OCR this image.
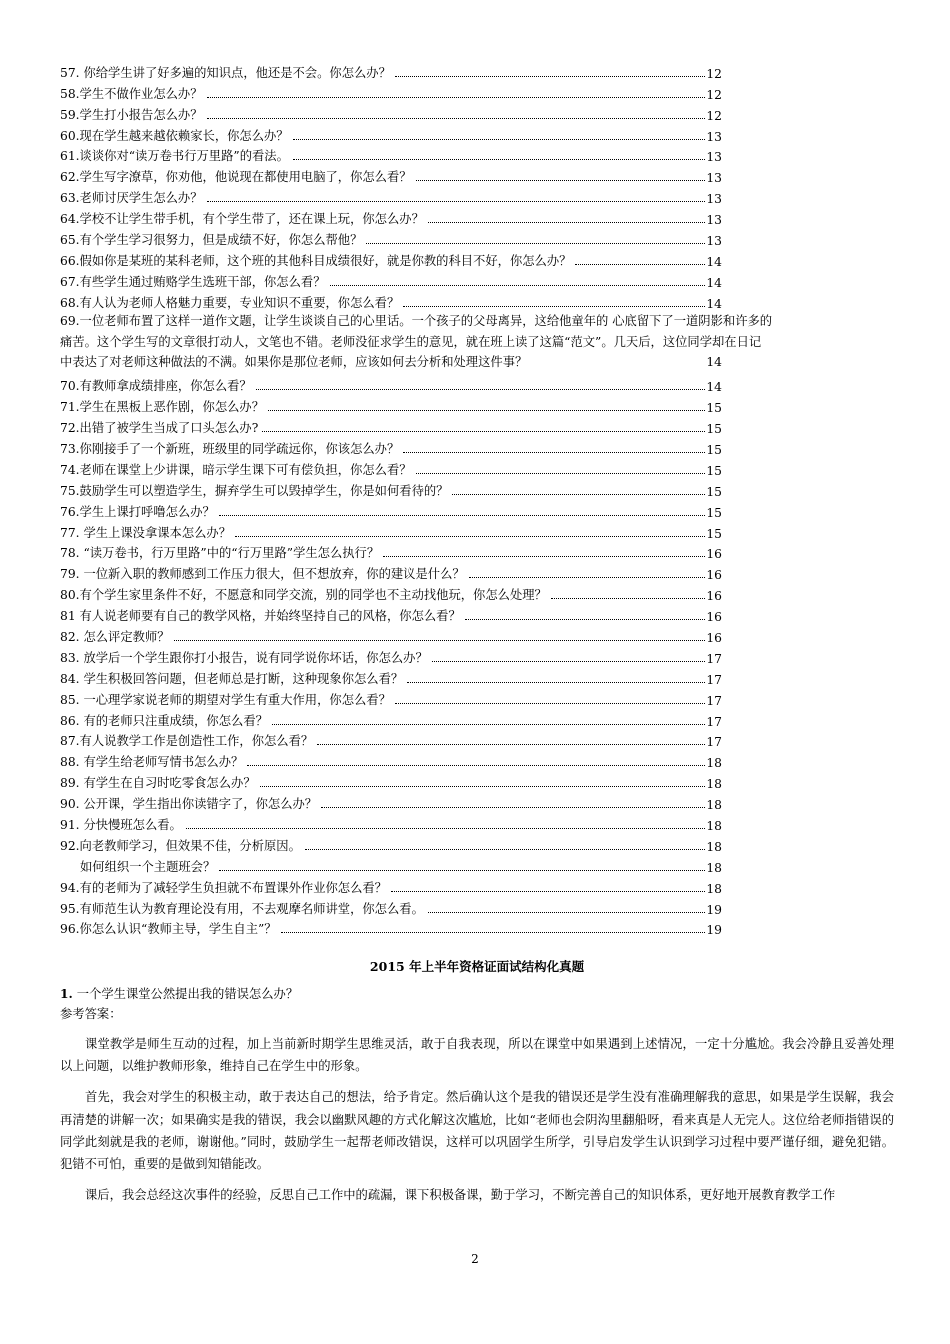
57. 你给学生讲了好多遍的知识点，他还是不会。你怎么办？	12
58.学生不做作业怎么办？	12
59.学生打小报告怎么办？	12
60.现在学生越来越依赖家长，你怎么办？	13
61.谈谈你对“读万卷书行万里路”的看法。	13
62.学生写字潦草，你劝他，他说现在都使用电脑了，你怎么看？	13
63.老师讨厌学生怎么办？	13
64.学校不让学生带手机，有个学生带了，还在课上玩，你怎么办？	13
65.有个学生学习很努力，但是成绩不好，你怎么帮他？	13
66.假如你是某班的某科老师，这个班的其他科目成绩很好，就是你教的科目不好，你怎么办？	14
67.有些学生通过贿赂学生选班干部，你怎么看？	14
68.有人认为老师人格魅力重要，专业知识不重要，你怎么看？	14
69.一位老师布置了这样一道作文题，让学生谈谈自己的心里话。一个孩子的父母离异，这给他童年的 心底留下了一道阴影和许多的
痛苦。这个学生写的文章很打动人，文笔也不错。老师没征求学生的意见，就在班上读了这篇“范文”。几天后，这位同学却在日记
中表达了对老师这种做法的不满。如果你是那位老师，应该如何去分析和处理这件事？	14
70.有教师拿成绩排座，你怎么看？	14
71.学生在黑板上恶作剧，你怎么办？	15
72.出错了被学生当成了口头怎么办?	15
73.你刚接手了一个新班，班级里的同学疏远你，你该怎么办？	15
74.老师在课堂上少讲课，暗示学生课下可有偿负担，你怎么看？	15
75.鼓励学生可以塑造学生，摒弃学生可以毁掉学生，你是如何看待的？	15
76.学生上课打呼噜怎么办？	15
77. 学生上课没拿课本怎么办？	15
78. “读万卷书，行万里路”中的“行万里路”学生怎么执行？	16
79. 一位新入职的教师感到工作压力很大，但不想放弃，你的建议是什么？	16
80.有个学生家里条件不好，不愿意和同学交流，别的同学也不主动找他玩，你怎么处理？	16
81 有人说老师要有自己的教学风格，并始终坚持自己的风格，你怎么看？	16
82. 怎么评定教师？	16
83. 放学后一个学生跟你打小报告，说有同学说你坏话，你怎么办？	17
84. 学生积极回答问题，但老师总是打断，这种现象你怎么看？	17
85. 一心理学家说老师的期望对学生有重大作用，你怎么看？	17
86. 有的老师只注重成绩，你怎么看？	17
87.有人说教学工作是创造性工作，你怎么看？	17
88. 有学生给老师写情书怎么办？	18
89. 有学生在自习时吃零食怎么办？	18
90. 公开课，学生指出你读错字了，你怎么办？	18
91. 分快慢班怎么看。	18
92.向老教师学习，但效果不佳，分析原因。	18
如何组织一个主题班会？	18
94.有的老师为了减轻学生负担就不布置课外作业你怎么看？	18
95.有师范生认为教育理论没有用，不去观摩名师讲堂，你怎么看。	19
96.你怎么认识“教师主导，学生自主”？	19
2015 年上半年资格证面试结构化真题
1. 一个学生课堂公然提出我的错误怎么办？
参考答案：

课堂教学是师生互动的过程，加上当前新时期学生思维灵活，敢于自我表现，所以在课堂中如果遇到上述情况，一定十分尴尬。我会冷静且妥善处理以上问题，以维护教师形象，维持自己在学生中的形象。

首先，我会对学生的积极主动，敢于表达自己的想法，给予肯定。然后确认这个是我的错误还是学生没有准确理解我的意思，如果是学生误解，我会再清楚的讲解一次；如果确实是我的错误，我会以幽默风趣的方式化解这次尴尬，比如“老师也会阴沟里翻船呀，看来真是人无完人。这位给老师指错误的同学此刻就是我的老师，谢谢他。”同时，鼓励学生一起帮老师改错误，这样可以巩固学生所学，引导启发学生认识到学习过程中要严谨仔细，避免犯错。犯错不可怕，重要的是做到知错能改。

课后，我会总经这次事件的经验，反思自己工作中的疏漏，课下积极备课，勤于学习，不断完善自己的知识体系，更好地开展教育教学工作

2
